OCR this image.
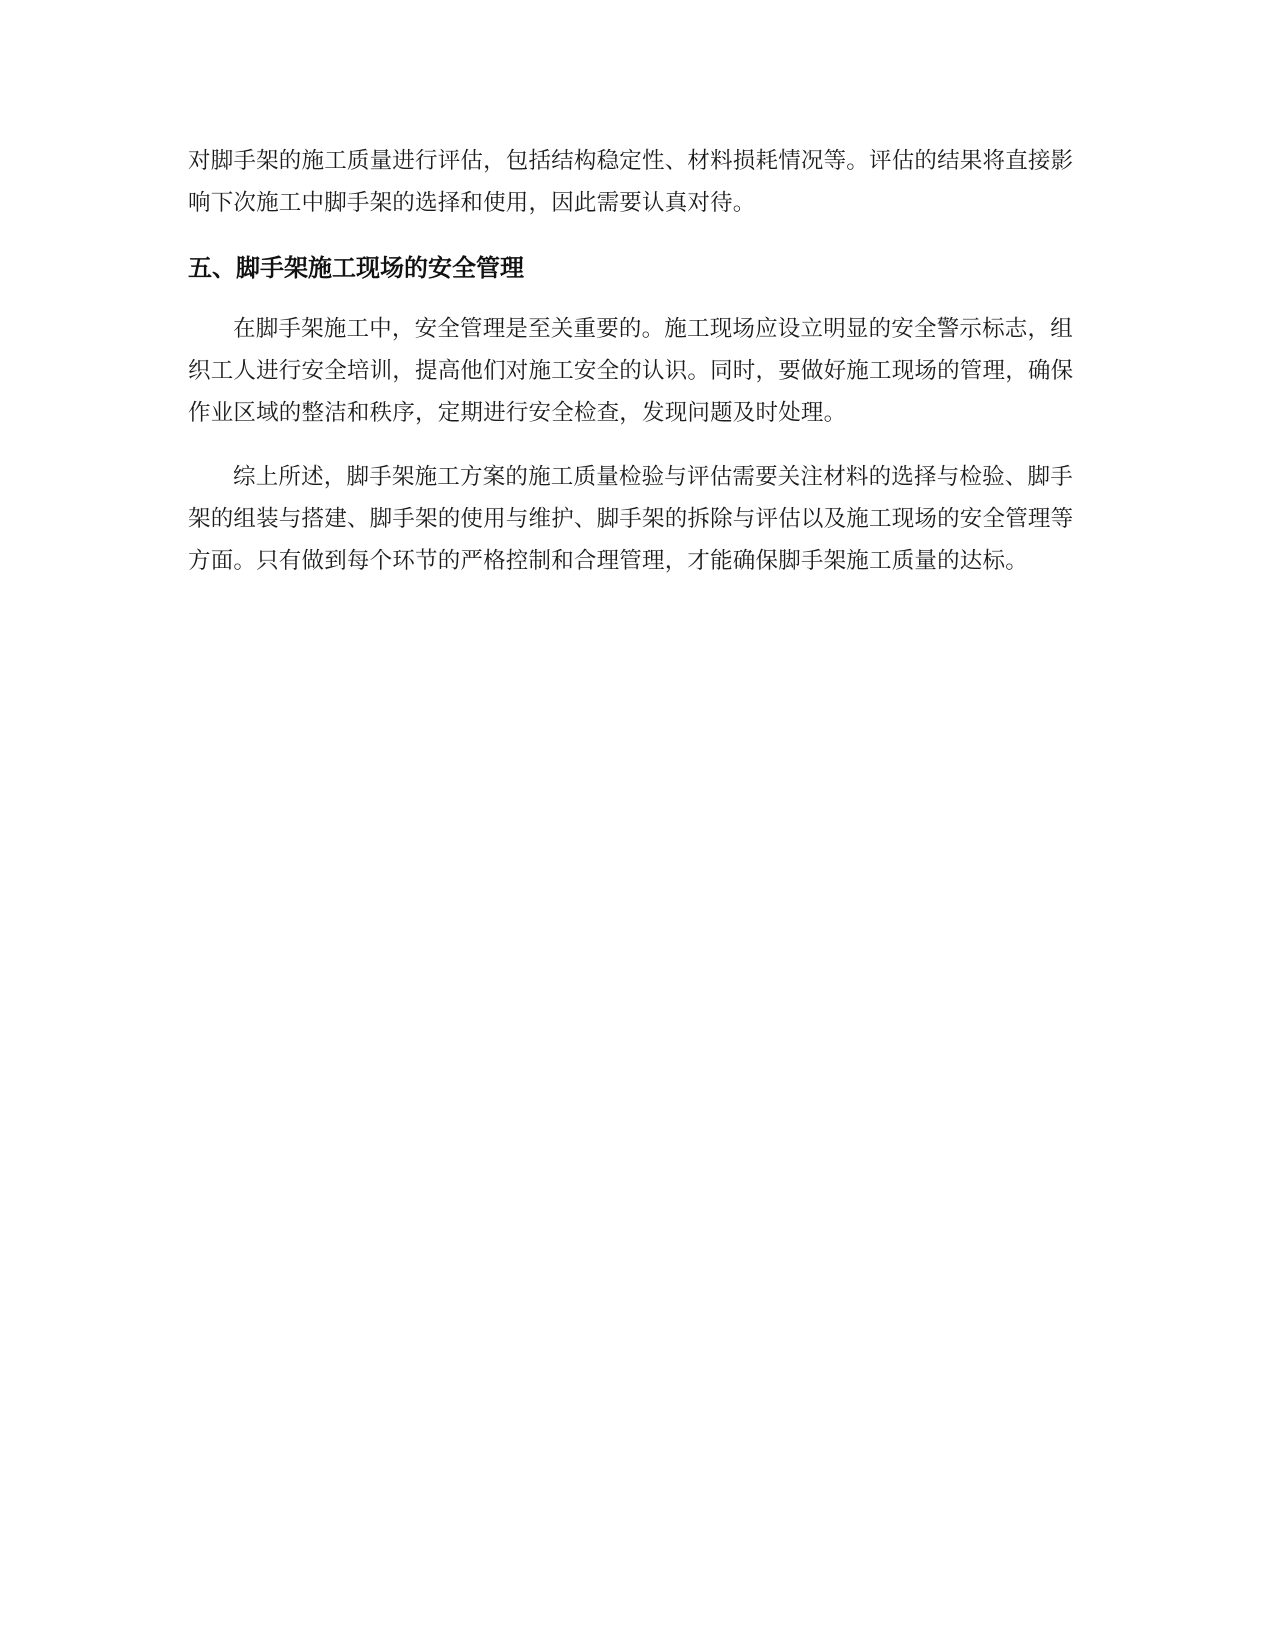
对脚手架的施工质量进行评估，包括结构稳定性、材料损耗情况等。评估的结果将直接影响下次施工中脚手架的选择和使用，因此需要认真对待。

五、脚手架施工现场的安全管理

在脚手架施工中，安全管理是至关重要的。施工现场应设立明显的安全警示标志，组织工人进行安全培训，提高他们对施工安全的认识。同时，要做好施工现场的管理，确保作业区域的整洁和秩序，定期进行安全检查，发现问题及时处理。

综上所述，脚手架施工方案的施工质量检验与评估需要关注材料的选择与检验、脚手架的组装与搭建、脚手架的使用与维护、脚手架的拆除与评估以及施工现场的安全管理等方面。只有做到每个环节的严格控制和合理管理，才能确保脚手架施工质量的达标。
